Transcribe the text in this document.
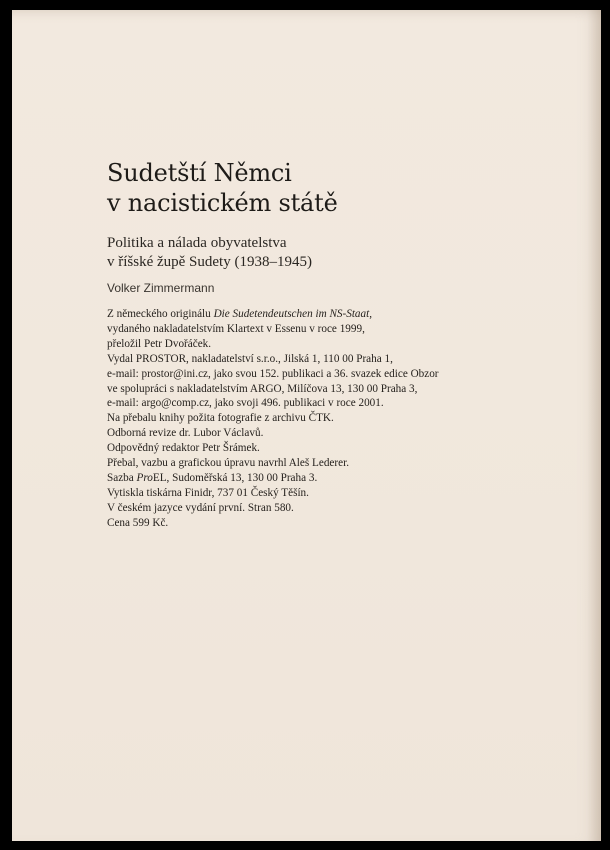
Sudetští Němci
v nacistickém státě

Politika a nálada obyvatelstva
v říšské župě Sudety (1938–1945)

Volker Zimmermann
Z německého originálu Die Sudetendeutschen im NS-Staat,
vydaného nakladatelstvím Klartext v Essenu v roce 1999,
přeložil Petr Dvořáček.
Vydal PROSTOR, nakladatelství s.r.o., Jilská 1, 110 00 Praha 1,
e-mail: prostor@ini.cz, jako svou 152. publikaci a 36. svazek edice Obzor
ve spolupráci s nakladatelstvím ARGO, Milíčova 13, 130 00 Praha 3,
e-mail: argo@comp.cz, jako svoji 496. publikaci v roce 2001.
Na přebalu knihy požita fotografie z archivu ČTK.
Odborná revize dr. Lubor Václavů.
Odpovědný redaktor Petr Šrámek.
Přebal, vazbu a grafickou úpravu navrhl Aleš Lederer.
Sazba ProEL, Sudoměřská 13, 130 00 Praha 3.
Vytiskla tiskárna Finidr, 737 01 Český Těšín.
V českém jazyce vydání první. Stran 580.
Cena 599 Kč.
